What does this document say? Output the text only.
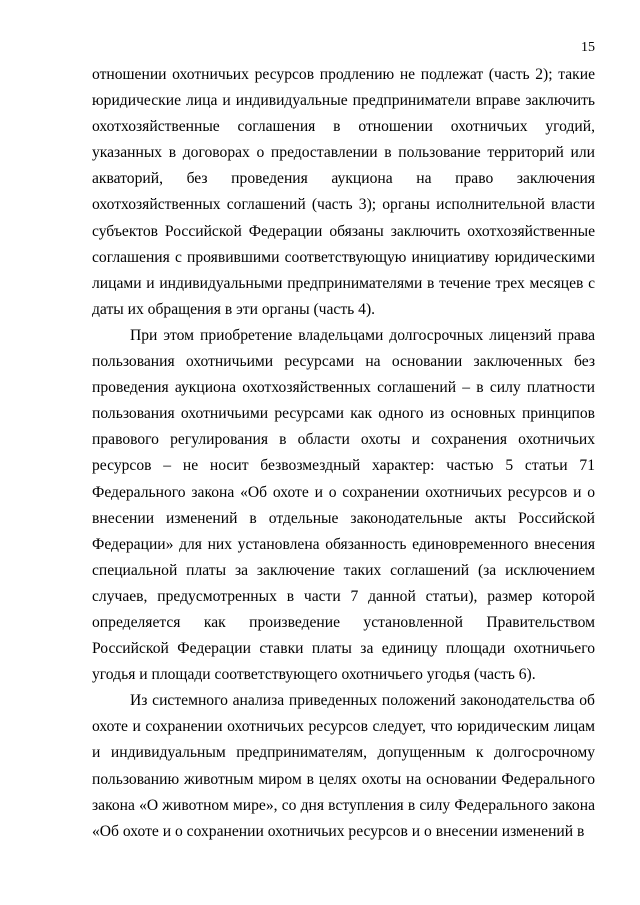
15

отношении охотничьих ресурсов продлению не подлежат (часть 2); такие юридические лица и индивидуальные предприниматели вправе заключить охотхозяйственные соглашения в отношении охотничьих угодий, указанных в договорах о предоставлении в пользование территорий или акваторий, без проведения аукциона на право заключения охотхозяйственных соглашений (часть 3); органы исполнительной власти субъектов Российской Федерации обязаны заключить охотхозяйственные соглашения с проявившими соответствующую инициативу юридическими лицами и индивидуальными предпринимателями в течение трех месяцев с даты их обращения в эти органы (часть 4).

При этом приобретение владельцами долгосрочных лицензий права пользования охотничьими ресурсами на основании заключенных без проведения аукциона охотхозяйственных соглашений – в силу платности пользования охотничьими ресурсами как одного из основных принципов правового регулирования в области охоты и сохранения охотничьих ресурсов – не носит безвозмездный характер: частью 5 статьи 71 Федерального закона «Об охоте и о сохранении охотничьих ресурсов и о внесении изменений в отдельные законодательные акты Российской Федерации» для них установлена обязанность единовременного внесения специальной платы за заключение таких соглашений (за исключением случаев, предусмотренных в части 7 данной статьи), размер которой определяется как произведение установленной Правительством Российской Федерации ставки платы за единицу площади охотничьего угодья и площади соответствующего охотничьего угодья (часть 6).

Из системного анализа приведенных положений законодательства об охоте и сохранении охотничьих ресурсов следует, что юридическим лицам и индивидуальным предпринимателям, допущенным к долгосрочному пользованию животным миром в целях охоты на основании Федерального закона «О животном мире», со дня вступления в силу Федерального закона «Об охоте и о сохранении охотничьих ресурсов и о внесении изменений в
